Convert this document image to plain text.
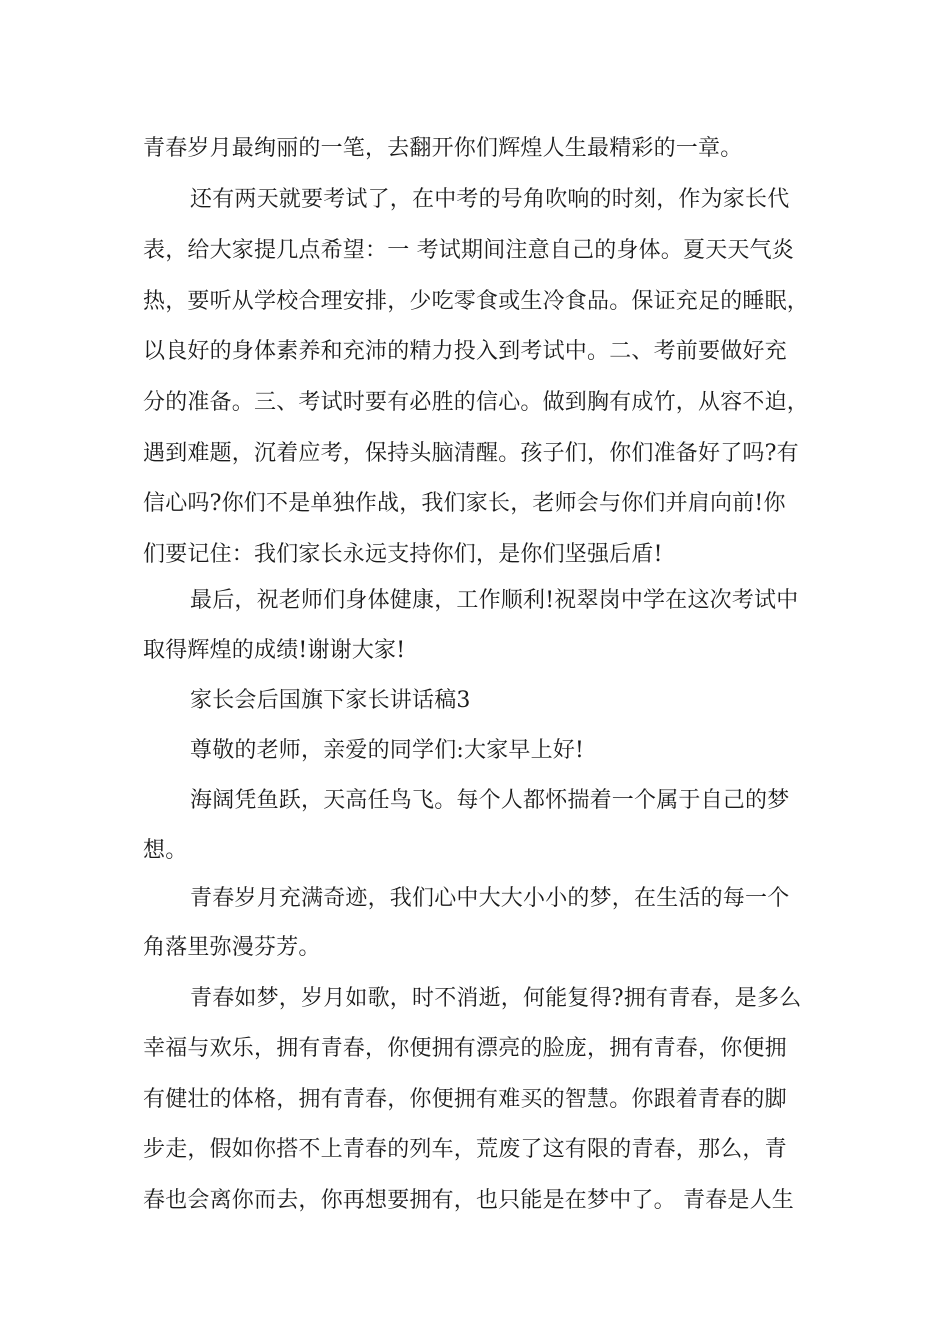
青春岁月最绚丽的一笔，去翻开你们辉煌人生最精彩的一章。
还有两天就要考试了，在中考的号角吹响的时刻，作为家长代
表，给大家提几点希望：一 考试期间注意自己的身体。夏天天气炎
热，要听从学校合理安排，少吃零食或生冷食品。保证充足的睡眠，
以良好的身体素养和充沛的精力投入到考试中。二、考前要做好充
分的准备。三、考试时要有必胜的信心。做到胸有成竹，从容不迫，
遇到难题，沉着应考，保持头脑清醒。孩子们，你们准备好了吗?有
信心吗?你们不是单独作战，我们家长，老师会与你们并肩向前!你
们要记住：我们家长永远支持你们，是你们坚强后盾!
最后，祝老师们身体健康，工作顺利!祝翠岗中学在这次考试中
取得辉煌的成绩!谢谢大家!
家长会后国旗下家长讲话稿3
尊敬的老师，亲爱的同学们:大家早上好!
海阔凭鱼跃，天高任鸟飞。每个人都怀揣着一个属于自己的梦
想。
青春岁月充满奇迹，我们心中大大小小的梦，在生活的每一个
角落里弥漫芬芳。
青春如梦，岁月如歌，时不消逝，何能复得?拥有青春，是多么
幸福与欢乐，拥有青春，你便拥有漂亮的脸庞，拥有青春，你便拥
有健壮的体格，拥有青春，你便拥有难买的智慧。你跟着青春的脚
步走，假如你搭不上青春的列车，荒废了这有限的青春，那么，青
春也会离你而去，你再想要拥有，也只能是在梦中了。 青春是人生
